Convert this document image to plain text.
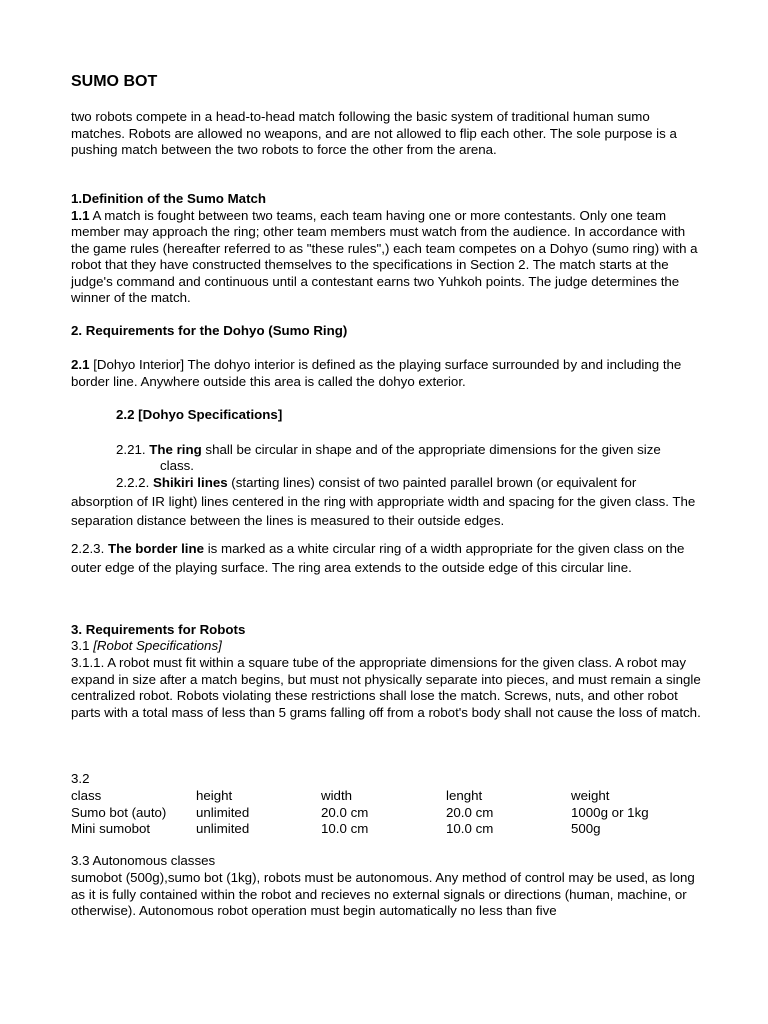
SUMO BOT
two robots compete in a head-to-head match following the basic system of traditional human sumo matches. Robots are allowed no weapons, and are not allowed to flip each other. The sole purpose is a pushing match between the two robots to force the other from the arena.
1.Definition of the Sumo Match
1.1 A match is fought between two teams, each team having one or more contestants. Only one team member may approach the ring; other team members must watch from the audience. In accordance with the game rules (hereafter referred to as "these rules",) each team competes on a Dohyo (sumo ring) with a robot that they have constructed themselves to the specifications in Section 2. The match starts at the judge's command and continuous until a contestant earns two Yuhkoh points. The judge determines the winner of the match.
2. Requirements for the Dohyo (Sumo Ring)
2.1 [Dohyo Interior] The dohyo interior is defined as the playing surface surrounded by and including the border line. Anywhere outside this area is called the dohyo exterior.
2.2 [Dohyo Specifications]
2.21. The ring shall be circular in shape and of the appropriate dimensions for the given size
class.
2.2.2. Shikiri lines (starting lines) consist of two painted parallel brown (or equivalent for
absorption of IR light) lines centered in the ring with appropriate width and spacing for the given class. The separation distance between the lines is measured to their outside edges.
2.2.3. The border line is marked as a white circular ring of a width appropriate for the given class on the outer edge of the playing surface. The ring area extends to the outside edge of this circular line.
3. Requirements for Robots
3.1 [Robot Specifications]
3.1.1. A robot must fit within a square tube of the appropriate dimensions for the given class. A robot may expand in size after a match begins, but must not physically separate into pieces, and must remain a single centralized robot. Robots violating these restrictions shall lose the match. Screws, nuts, and other robot parts with a total mass of less than 5 grams falling off from a robot's body shall not cause the loss of match.
3.2
class	height	width	lenght	weight
Sumo bot (auto)	unlimited	20.0 cm	20.0 cm	1000g or 1kg
Mini sumobot	unlimited	10.0 cm	10.0 cm	500g
3.3 Autonomous classes
sumobot (500g),sumo bot (1kg), robots must be autonomous. Any method of control may be used, as long as it is fully contained within the robot and recieves no external signals or directions (human, machine, or otherwise). Autonomous robot operation must begin automatically no less than five
